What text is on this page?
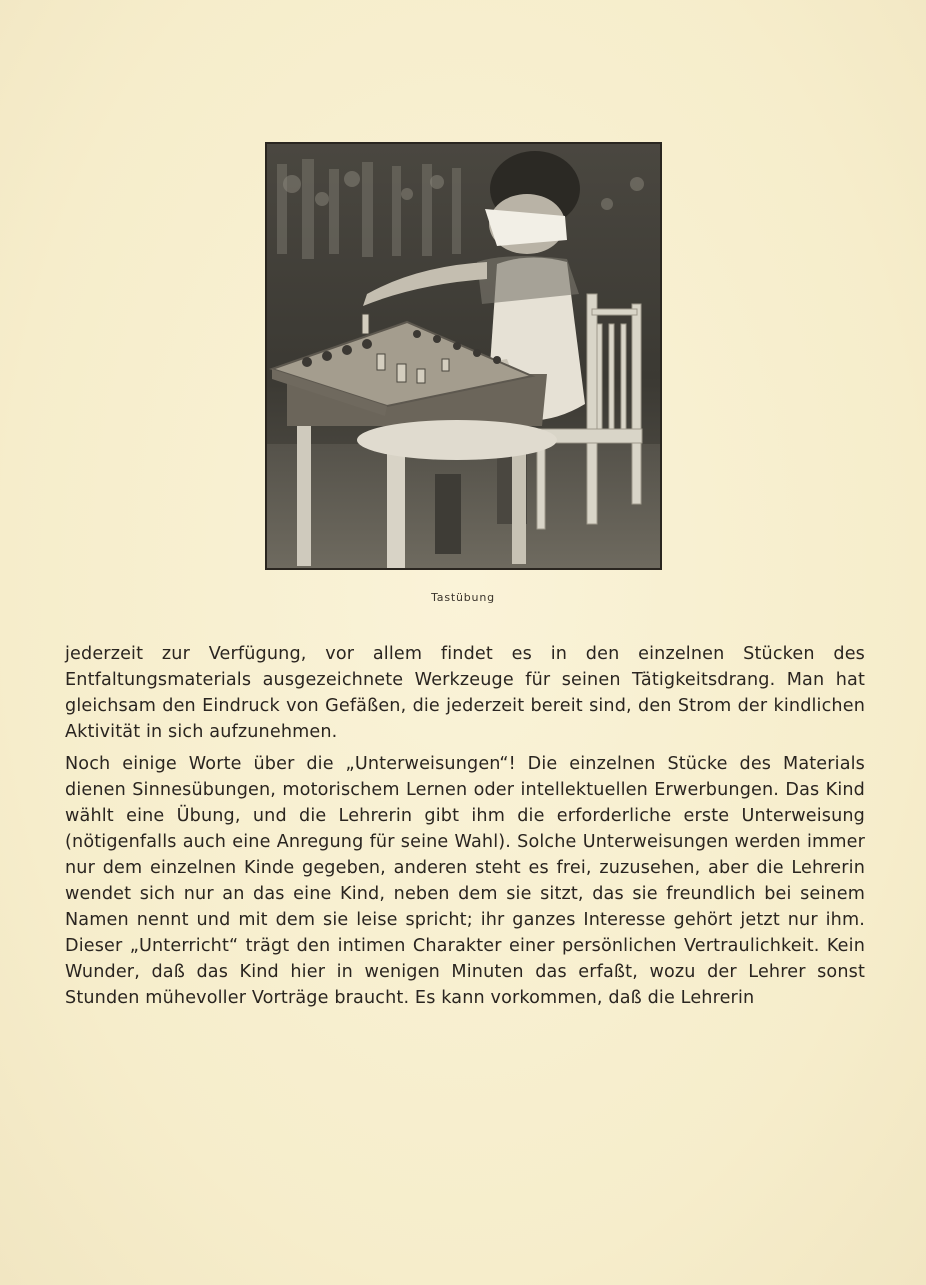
Tastübung

jederzeit zur Verfügung, vor allem findet es in den einzelnen Stücken des Entfaltungsmaterials ausgezeichnete Werkzeuge für seinen Tätigkeitsdrang. Man hat gleichsam den Eindruck von Gefäßen, die jederzeit bereit sind, den Strom der kindlichen Aktivität in sich aufzunehmen.

Noch einige Worte über die „Unterweisungen“! Die einzelnen Stücke des Materials dienen Sinnesübungen, motorischem Lernen oder intellektuellen Erwerbungen. Das Kind wählt eine Übung, und die Lehrerin gibt ihm die erforderliche erste Unterweisung (nötigenfalls auch eine Anregung für seine Wahl). Solche Unterweisungen werden immer nur dem einzelnen Kinde gegeben, anderen steht es frei, zuzusehen, aber die Lehrerin wendet sich nur an das eine Kind, neben dem sie sitzt, das sie freundlich bei seinem Namen nennt und mit dem sie leise spricht; ihr ganzes Interesse gehört jetzt nur ihm. Dieser „Unterricht“ trägt den intimen Charakter einer persönlichen Vertraulichkeit. Kein Wunder, daß das Kind hier in wenigen Minuten das erfaßt, wozu der Lehrer sonst Stunden mühevoller Vorträge braucht. Es kann vorkommen, daß die Lehrerin
